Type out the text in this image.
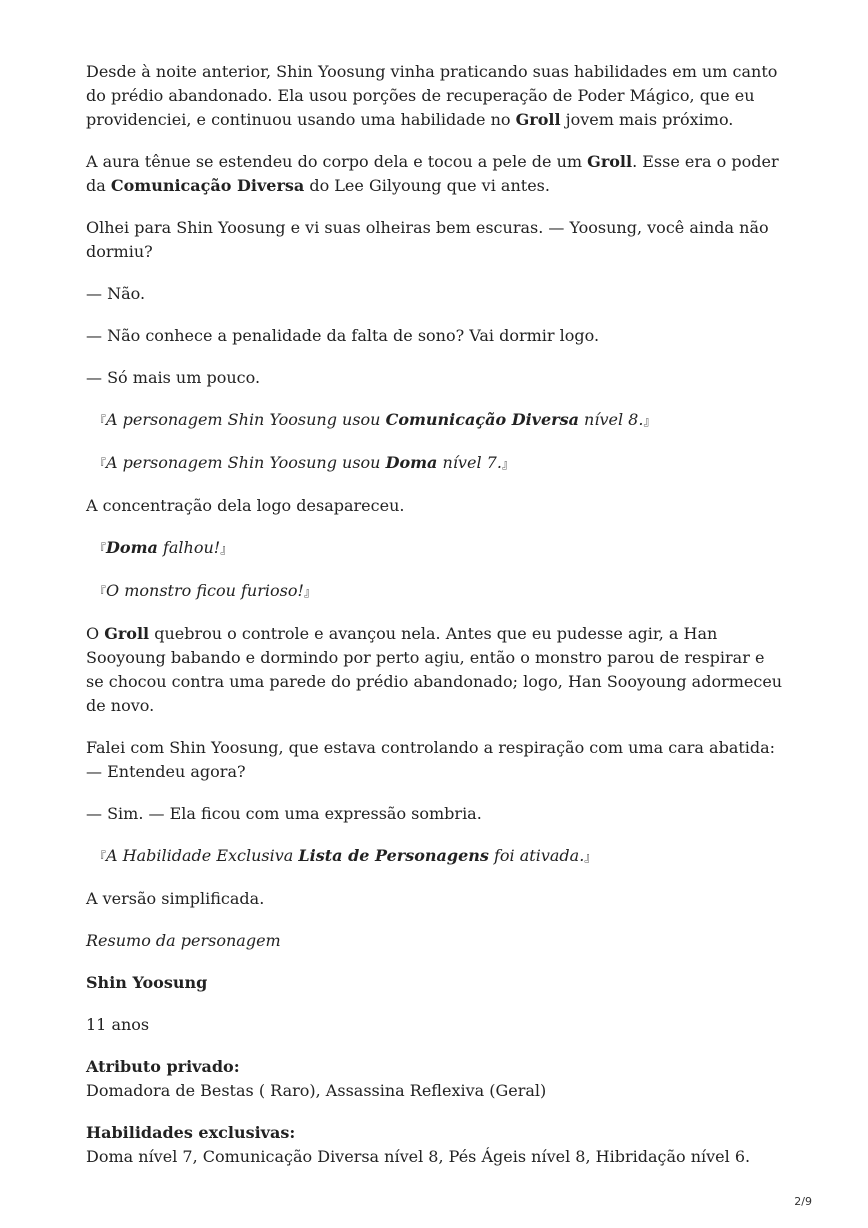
Desde à noite anterior, Shin Yoosung vinha praticando suas habilidades em um canto do prédio abandonado. Ela usou porções de recuperação de Poder Mágico, que eu providenciei, e continuou usando uma habilidade no Groll jovem mais próximo.

A aura tênue se estendeu do corpo dela e tocou a pele de um Groll. Esse era o poder da Comunicação Diversa do Lee Gilyoung que vi antes.

Olhei para Shin Yoosung e vi suas olheiras bem escuras. — Yoosung, você ainda não dormiu?

— Não.

— Não conhece a penalidade da falta de sono? Vai dormir logo.

— Só mais um pouco.

『A personagem Shin Yoosung usou Comunicação Diversa nível 8.』

『A personagem Shin Yoosung usou Doma nível 7.』

A concentração dela logo desapareceu.

『Doma falhou!』

『O monstro ficou furioso!』

O Groll quebrou o controle e avançou nela. Antes que eu pudesse agir, a Han Sooyoung babando e dormindo por perto agiu, então o monstro parou de respirar e se chocou contra uma parede do prédio abandonado; logo, Han Sooyoung adormeceu de novo.

Falei com Shin Yoosung, que estava controlando a respiração com uma cara abatida: — Entendeu agora?

— Sim. — Ela ficou com uma expressão sombria.

『A Habilidade Exclusiva Lista de Personagens foi ativada.』

A versão simplificada.

Resumo da personagem

Shin Yoosung

11 anos

Atributo privado:

Domadora de Bestas ( Raro), Assassina Reflexiva (Geral)

Habilidades exclusivas:

Doma nível 7, Comunicação Diversa nível 8, Pés Ágeis nível 8, Hibridação nível 6.

2/9
